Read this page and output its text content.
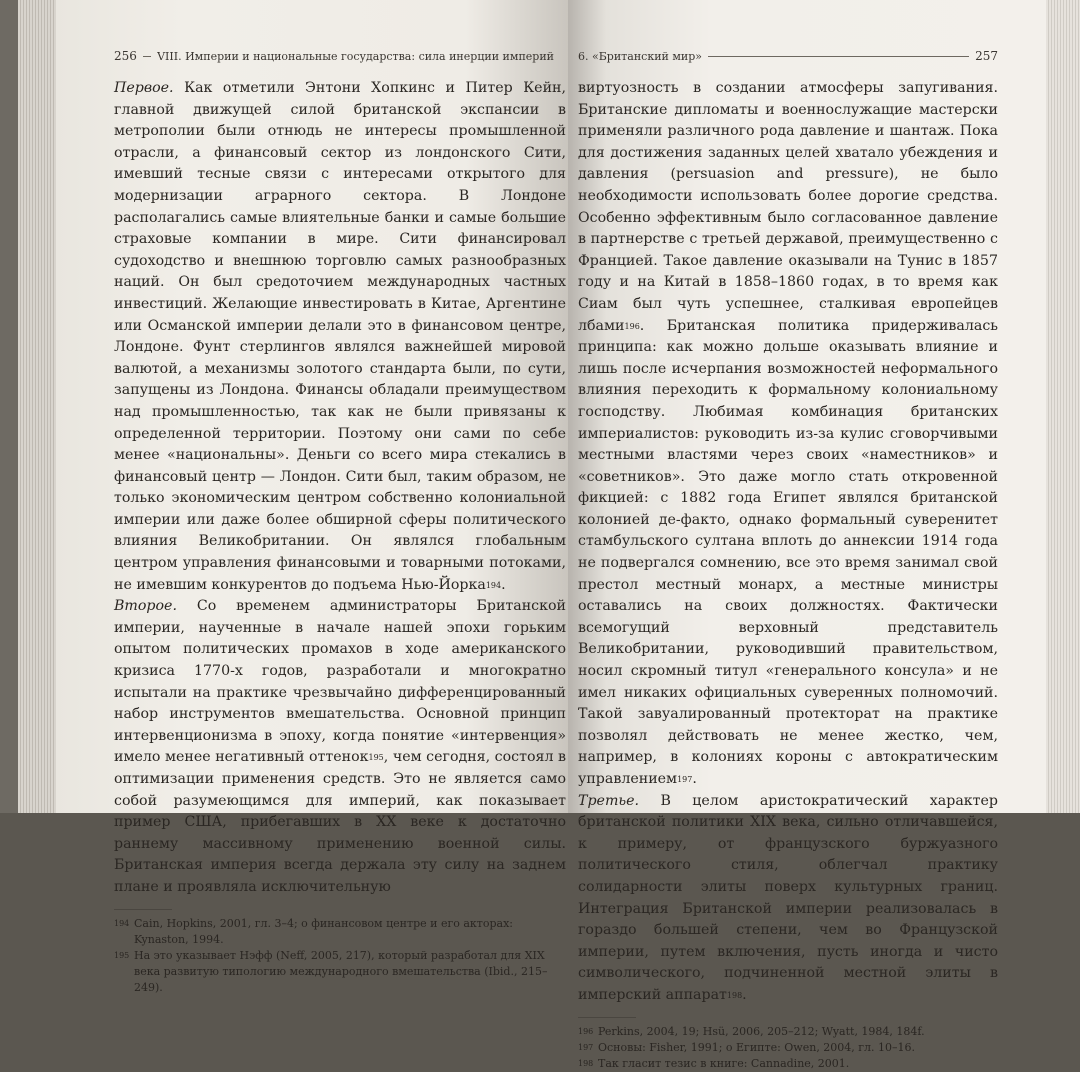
256 VIII. Империи и национальные государства: сила инерции империй

Первое. Как отметили Энтони Хопкинс и Питер Кейн, главной движущей силой британской экспансии в метрополии были отнюдь не интересы промышленной отрасли, а финансовый сектор из лондонского Сити, имевший тесные связи с интересами открытого для модернизации аграрного сектора. В Лондоне располагались самые влиятельные банки и самые большие страховые компании в мире. Сити финансировал судоходство и внешнюю торговлю самых разнообразных наций. Он был средоточием международных частных инвестиций. Желающие инвестировать в Китае, Аргентине или Османской империи делали это в финансовом центре, Лондоне. Фунт стерлингов являлся важнейшей мировой валютой, а механизмы золотого стандарта были, по сути, запущены из Лондона. Финансы обладали преимуществом над промышленностью, так как не были привязаны к определенной территории. Поэтому они сами по себе менее «национальны». Деньги со всего мира стекались в финансовый центр — Лондон. Сити был, таким образом, не только экономическим центром собственно колониальной империи или даже более обширной сферы политического влияния Великобритании. Он являлся глобальным центром управления финансовыми и товарными потоками, не имевшим конкурентов до подъема Нью-Йорка$^{194}$.

Второе. Со временем администраторы Британской империи, наученные в начале нашей эпохи горьким опытом политических промахов в ходе американского кризиса 1770-х годов, разработали и многократно испытали на практике чрезвычайно дифференцированный набор инструментов вмешательства. Основной принцип интервенционизма в эпоху, когда понятие «интервенция» имело менее негативный оттенок$^{195}$, чем сегодня, состоял в оптимизации применения средств. Это не является само собой разумеющимся для империй, как показывает пример США, прибегавших в XX веке к достаточно раннему массивному применению военной силы. Британская империя всегда держала эту силу на заднем плане и проявляла исключительную

194 Cain, Hopkins, 2001, гл. 3–4; о финансовом центре и его акторах: Kynaston, 1994.
195 На это указывает Нэфф (Neff, 2005, 217), который разработал для XIX века развитую типологию международного вмешательства (Ibid., 215–249).
6. «Британский мир»	257

виртуозность в создании атмосферы запугивания. Британские дипломаты и военнослужащие мастерски применяли различного рода давление и шантаж. Пока для достижения заданных целей хватало убеждения и давления (persuasion and pressure), не было необходимости использовать более дорогие средства. Особенно эффективным было согласованное давление в партнерстве с третьей державой, преимущественно с Францией. Такое давление оказывали на Тунис в 1857 году и на Китай в 1858–1860 годах, в то время как Сиам был чуть успешнее, сталкивая европейцев лбами$^{196}$. Британская политика придерживалась принципа: как можно дольше оказывать влияние и лишь после исчерпания возможностей неформального влияния переходить к формальному колониальному господству. Любимая комбинация британских империалистов: руководить из-за кулис сговорчивыми местными властями через своих «наместников» и «советников». Это даже могло стать откровенной фикцией: с 1882 года Египет являлся британской колонией де-факто, однако формальный суверенитет стамбульского султана вплоть до аннексии 1914 года не подвергался сомнению, все это время занимал свой престол местный монарх, а местные министры оставались на своих должностях. Фактически всемогущий верховный представитель Великобритании, руководивший правительством, носил скромный титул «генерального консула» и не имел никаких официальных суверенных полномочий. Такой завуалированный протекторат на практике позволял действовать не менее жестко, чем, например, в колониях короны с автократическим управлением$^{197}$.

Третье. В целом аристократический характер британской политики XIX века, сильно отличавшейся, к примеру, от французского буржуазного политического стиля, облегчал практику солидарности элиты поверх культурных границ. Интеграция Британской империи реализовалась в гораздо большей степени, чем во Французской империи, путем включения, пусть иногда и чисто символического, подчиненной местной элиты в имперский аппарат$^{198}$.

196 Perkins, 2004, 19; Hsü, 2006, 205–212; Wyatt, 1984, 184f.
197 Основы: Fisher, 1991; о Египте: Owen, 2004, гл. 10–16.
198 Так гласит тезис в книге: Cannadine, 2001.
